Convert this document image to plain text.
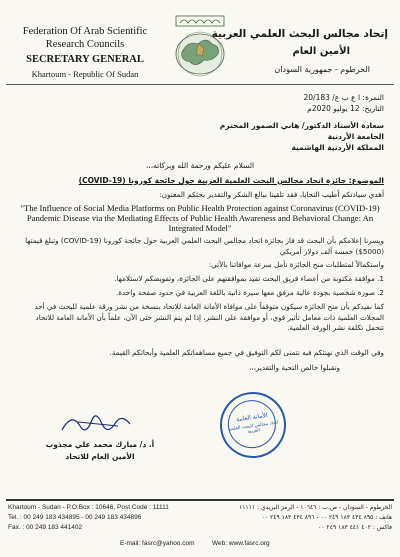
Federation Of Arab Scientific
Research Councils
SECRETARY GENERAL
Khartoum - Republic Of Sudan
إتحاد مجالس البحث العلمي العربية
الأمين العام
الخرطوم - جمهورية السودان
النمرة: ا ع ب ع/ 20/183
التاريخ: 12 يوليو 2020م
سعادة الأستاذ الدكتور/ هاني الضمور المحترم
الجامعة الأردنية
المملكة الأردنية الهاشمية
السلام عليكم ورحمة الله وبركاته،،،
الموضوع: جائزة اتحاد مجالس البحث العلمية العربية حول جائحة كورونا (COVID-19)
أهدي سيادتكم أطيب التحايا، فقد تلقينا ببالغ الشكر والتقدير بحثكم المعنون:
"The Influence of Social Media Platforms on Public Health Protection against Coronavirus (COVID-19) Pandemic Disease via the Mediating Effects of Public Health Awareness and Behavioral Change: An Integrated Model"
ويسرنا إعلامكم بأن البحث قد فاز بجائزة اتحاد مجالس البحث العلمي العربية حول جائحة كورونا (COVID-19) وتبلغ قيمتها (5000$) خمسة ألف دولار أمريكي
واستكمالاً لمتطلبات منح الجائزة نأمل سرعة موافاتنا بالآتي:
1. موافقة مكتوبة من أعضاء فريق البحث تفيد بموافقتهم على الجائزة، وتفويضكم لاستلامها.
2. صورة شخصية بجودة عالية مرفق معها سيرة ذاتية باللغة العربية في حدود صفحة واحدة.
كما نفيدكم بأن منح الجائزة سيكون متوقفاً على موافاة الأمانة العامة للاتحاد بنسخة من نشر ورقة علمية للبحث في أحد المجلات العلمية ذات معامل تأثير قوي، أو موافقة على النشر، إذا لم يتم النشر حتى الآن، علماً بأن الأمانة العامة للاتحاد تتحمل تكلفة نشر الورقة العلمية.
وفي الوقت الذي نهنئكم فيه نتمنى لكم التوفيق في جميع مساهماتكم العلمية وأبحاثكم القيمة.
وتقبلوا خالص التحية والتقدير،،،
الأمانة العامة
اتحاد مجالس البحث العلمية العربية
أ. د/ مبارك محمد علي مجذوب
الأمين العام للاتحاد
Khartoum - Sudan - P.O.Box : 10646, Post Code : 11111
Tel. : 00 249 183 434895 - 00 249 183 434896
Fax. : 00 249 183 441402
الخرطوم - السودان - ص.ب : ١٠٦٤٦ - الرمز البريدي : ١١١١١
هاتف : ٨٩٥ ٤٣٤ ١٨٣ ٢٤٩ ٠٠ - ٨٩٦ ٤٣٤ ١٨٣ ٢٤٩ ٠٠
فاكس : ٤٠٢ ٤٤١ ١٨٣ ٢٤٩ ٠٠
E-mail: fasrc@yahoo.com	Web: www.fasrc.org
